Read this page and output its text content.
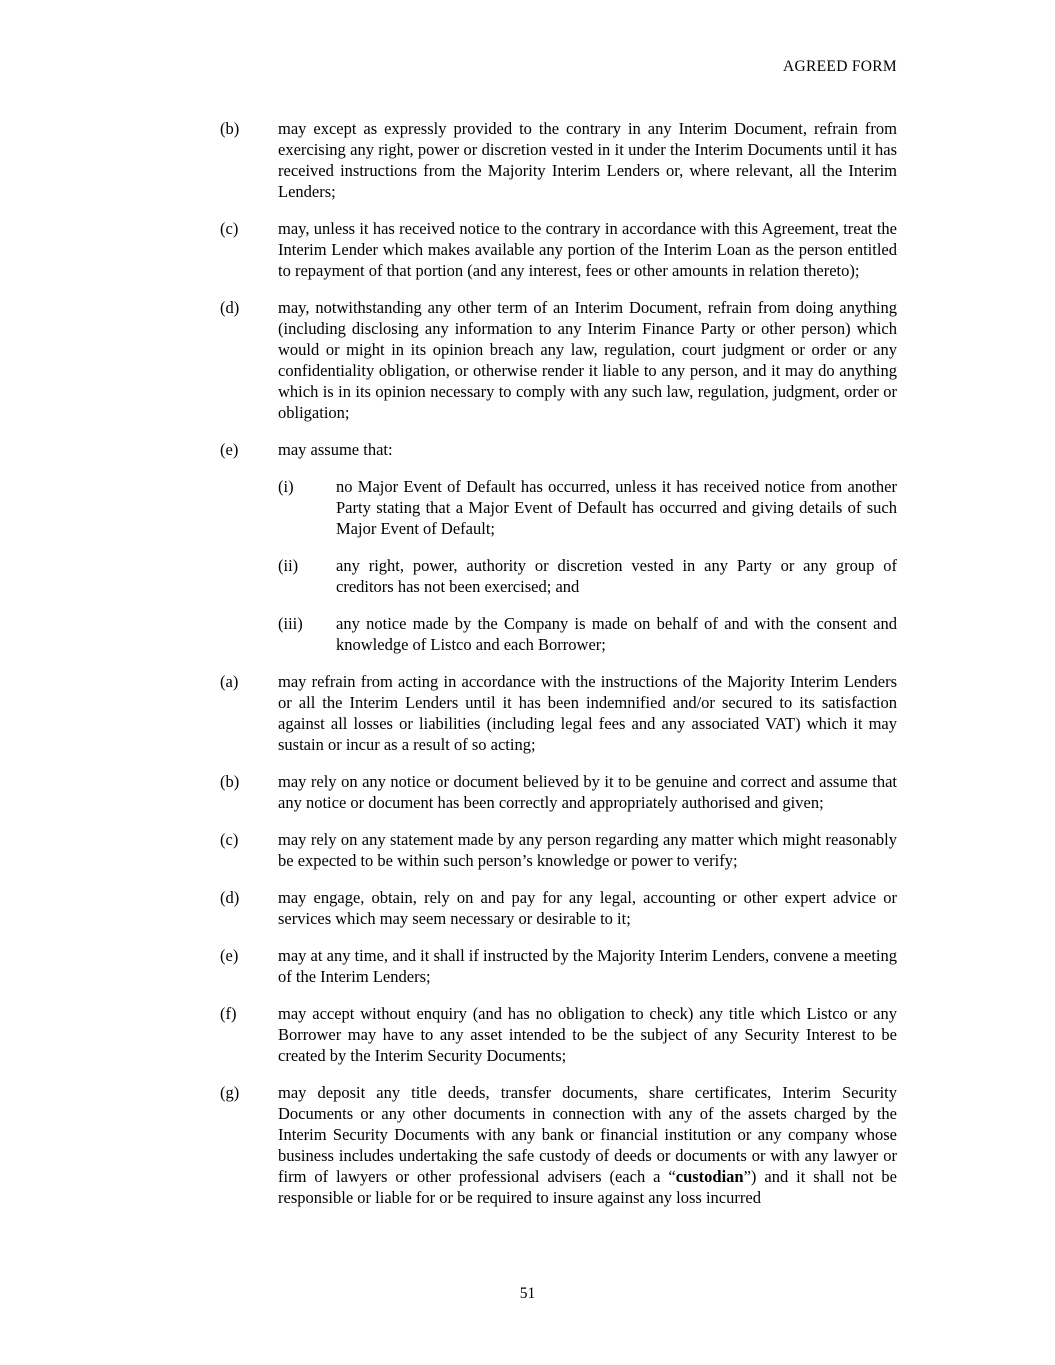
AGREED FORM
(b)	may except as expressly provided to the contrary in any Interim Document, refrain from exercising any right, power or discretion vested in it under the Interim Documents until it has received instructions from the Majority Interim Lenders or, where relevant, all the Interim Lenders;
(c)	may, unless it has received notice to the contrary in accordance with this Agreement, treat the Interim Lender which makes available any portion of the Interim Loan as the person entitled to repayment of that portion (and any interest, fees or other amounts in relation thereto);
(d)	may, notwithstanding any other term of an Interim Document, refrain from doing anything (including disclosing any information to any Interim Finance Party or other person) which would or might in its opinion breach any law, regulation, court judgment or order or any confidentiality obligation, or otherwise render it liable to any person, and it may do anything which is in its opinion necessary to comply with any such law, regulation, judgment, order or obligation;
(e)	may assume that:
(i)	no Major Event of Default has occurred, unless it has received notice from another Party stating that a Major Event of Default has occurred and giving details of such Major Event of Default;
(ii)	any right, power, authority or discretion vested in any Party or any group of creditors has not been exercised; and
(iii)	any notice made by the Company is made on behalf of and with the consent and knowledge of Listco and each Borrower;
(a)	may refrain from acting in accordance with the instructions of the Majority Interim Lenders or all the Interim Lenders until it has been indemnified and/or secured to its satisfaction against all losses or liabilities (including legal fees and any associated VAT) which it may sustain or incur as a result of so acting;
(b)	may rely on any notice or document believed by it to be genuine and correct and assume that any notice or document has been correctly and appropriately authorised and given;
(c)	may rely on any statement made by any person regarding any matter which might reasonably be expected to be within such person’s knowledge or power to verify;
(d)	may engage, obtain, rely on and pay for any legal, accounting or other expert advice or services which may seem necessary or desirable to it;
(e)	may at any time, and it shall if instructed by the Majority Interim Lenders, convene a meeting of the Interim Lenders;
(f)	may accept without enquiry (and has no obligation to check) any title which Listco or any Borrower may have to any asset intended to be the subject of any Security Interest to be created by the Interim Security Documents;
(g)	may deposit any title deeds, transfer documents, share certificates, Interim Security Documents or any other documents in connection with any of the assets charged by the Interim Security Documents with any bank or financial institution or any company whose business includes undertaking the safe custody of deeds or documents or with any lawyer or firm of lawyers or other professional advisers (each a “custodian”) and it shall not be responsible or liable for or be required to insure against any loss incurred
51
